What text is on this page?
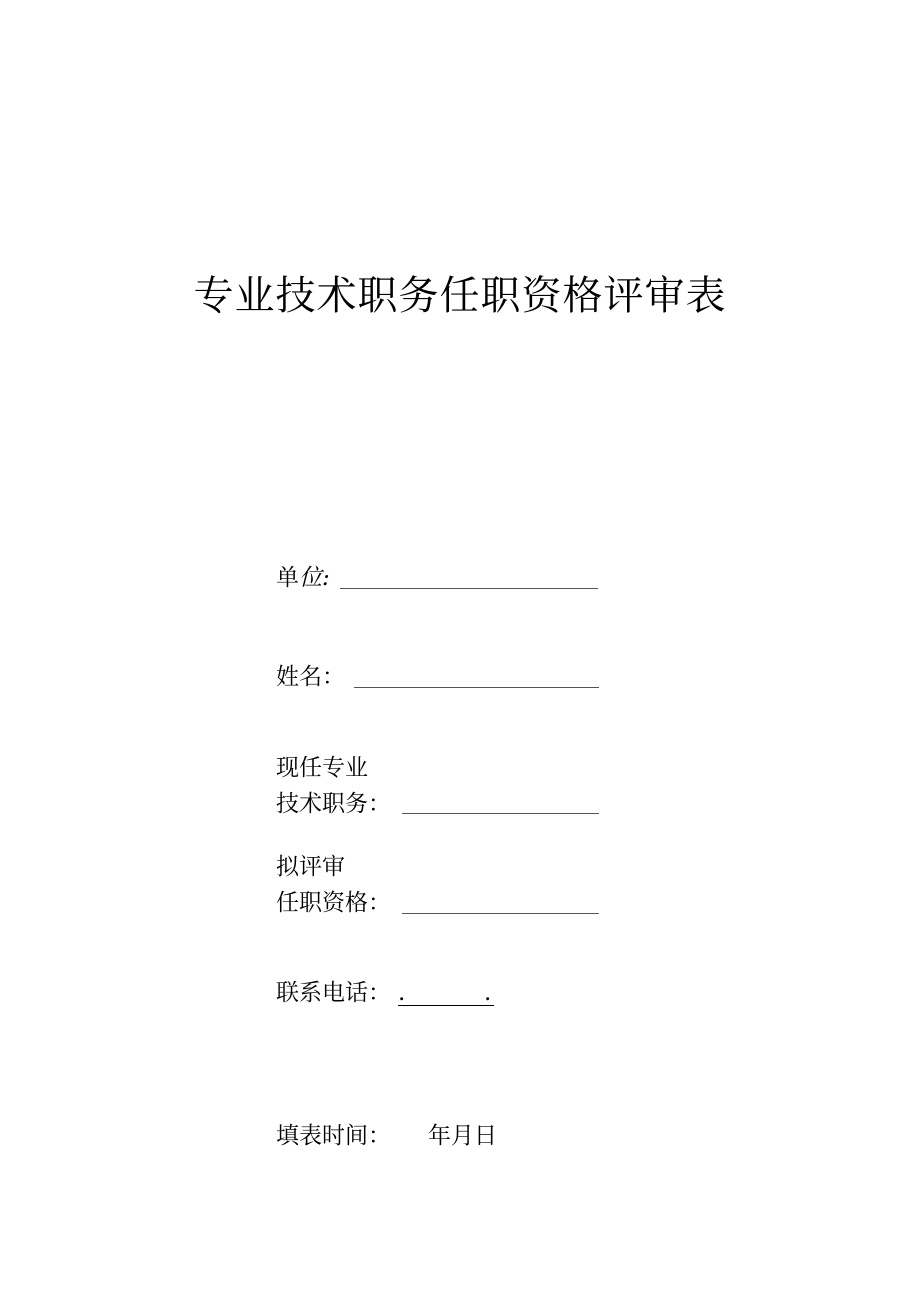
专业技术职务任职资格评审表
单位:
姓名：
现任专业
技术职务：
拟评审
任职资格：
联系电话： .	.
填表时间： 年月日
